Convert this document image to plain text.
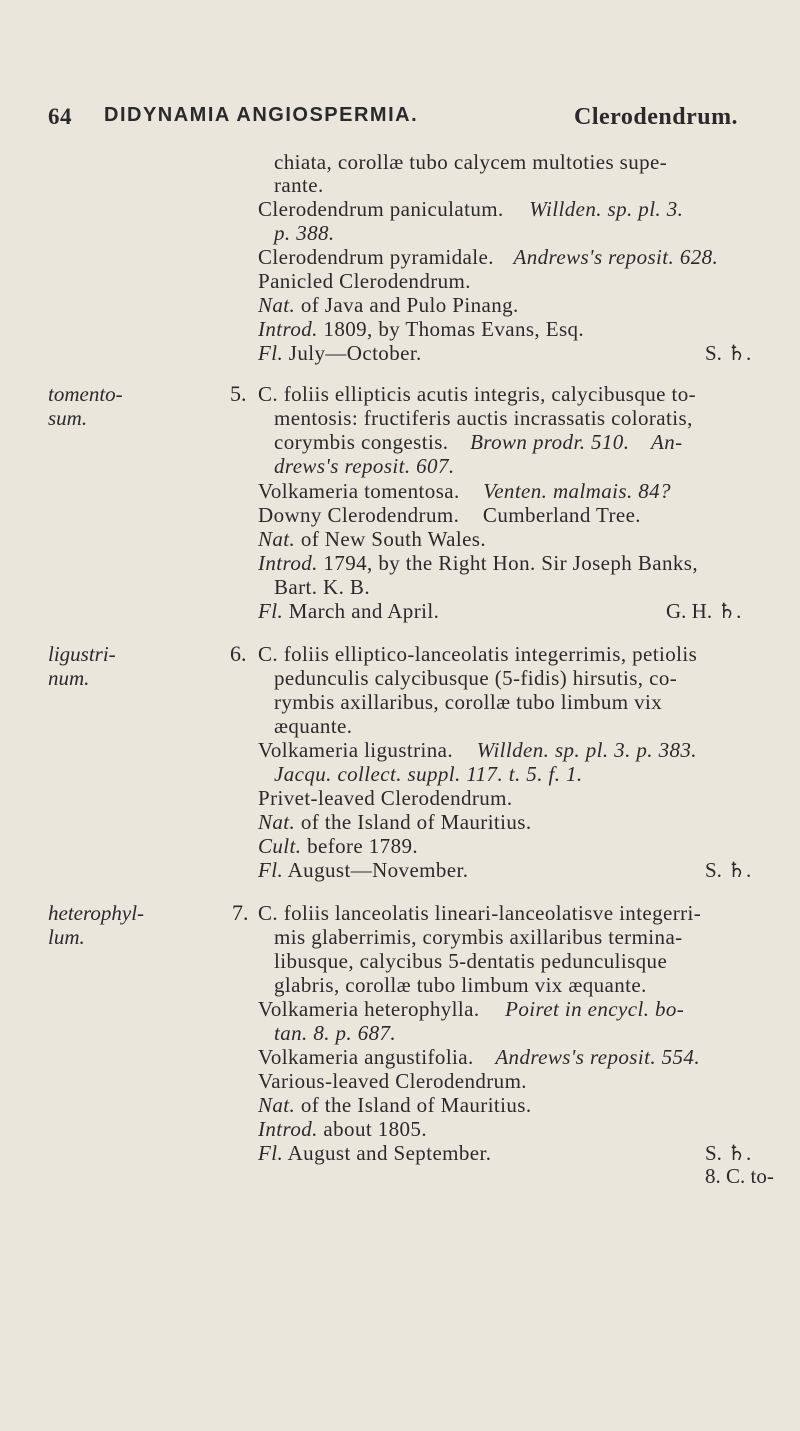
64 DIDYNAMIA ANGIOSPERMIA.	Clerodendrum.
chiata, corollæ tubo calycem multoties supe-
rante.
Clerodendrum paniculatum. Willden. sp. pl. 3.
p. 388.
Clerodendrum pyramidale. Andrews's reposit. 628.
Panicled Clerodendrum.
Nat. of Java and Pulo Pinang.
Introd. 1809, by Thomas Evans, Esq.
Fl. July—October.	S. ♄.
tomento-
sum.
5. C. foliis ellipticis acutis integris, calycibusque to-
mentosis: fructiferis auctis incrassatis coloratis,
corymbis congestis. Brown prodr. 510. An-
drews's reposit. 607.
Volkameria tomentosa. Venten. malmais. 84?
Downy Clerodendrum. Cumberland Tree.
Nat. of New South Wales.
Introd. 1794, by the Right Hon. Sir Joseph Banks,
Bart. K. B.
Fl. March and April.	G. H. ♄.
ligustri-
num.
6. C. foliis elliptico-lanceolatis integerrimis, petiolis
pedunculis calycibusque (5-fidis) hirsutis, co-
rymbis axillaribus, corollæ tubo limbum vix
æquante.
Volkameria ligustrina. Willden. sp. pl. 3. p. 383.
Jacqu. collect. suppl. 117. t. 5. f. 1.
Privet-leaved Clerodendrum.
Nat. of the Island of Mauritius.
Cult. before 1789.
Fl. August—November.	S. ♄.
heterophyl-
lum.
7. C. foliis lanceolatis lineari-lanceolatisve integerri-
mis glaberrimis, corymbis axillaribus termina-
libusque, calycibus 5-dentatis pedunculisque
glabris, corollæ tubo limbum vix æquante.
Volkameria heterophylla. Poiret in encycl. bo-
tan. 8. p. 687.
Volkameria angustifolia. Andrews's reposit. 554.
Various-leaved Clerodendrum.
Nat. of the Island of Mauritius.
Introd. about 1805.
Fl. August and September.	S. ♄.
8. C. to-
